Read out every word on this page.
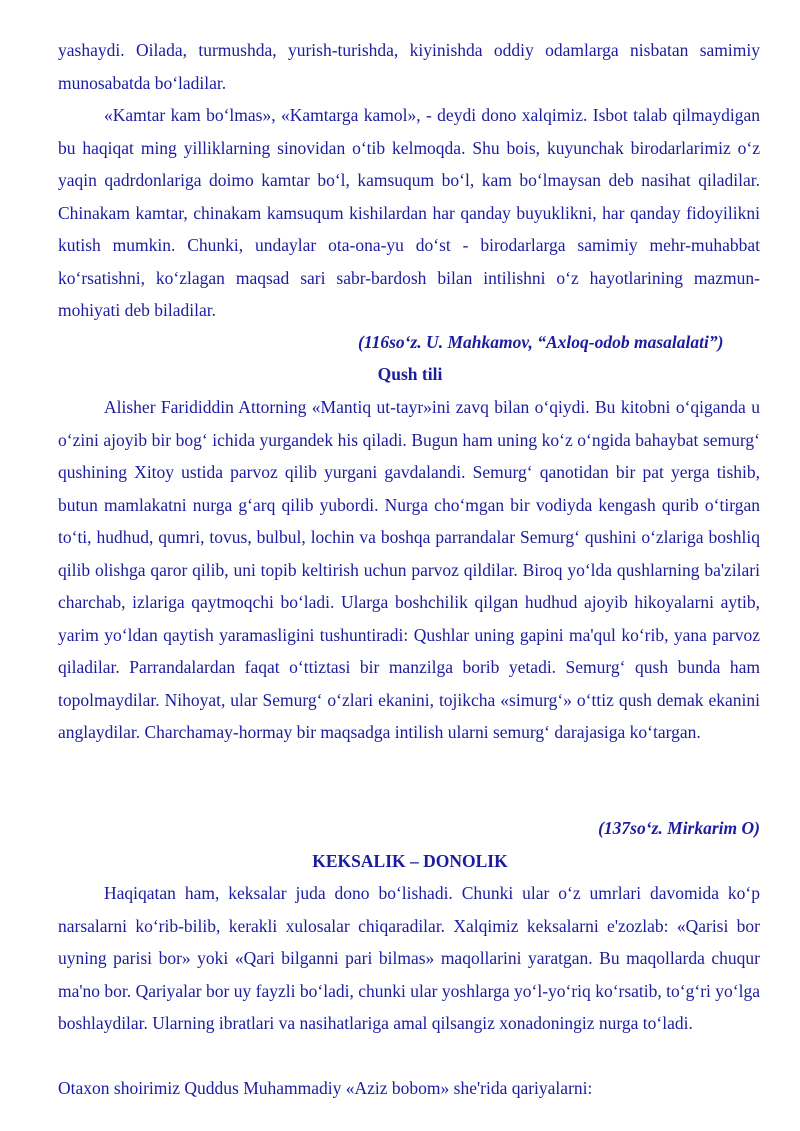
yashaydi. Oilada, turmushda, yurish-turishda, kiyinishda oddiy odamlarga nisbatan samimiy munosabatda bo‘ladilar.

«Kamtar kam bo‘lmas», «Kamtarga kamol», - deydi dono xalqimiz. Isbot talab qilmaydigan bu haqiqat ming yilliklarning sinovidan o‘tib kelmoqda. Shu bois, kuyunchak birodarlarimiz o‘z yaqin qadrdonlariga doimo kamtar bo‘l, kamsuqum bo‘l, kam bo‘lmaysan deb nasihat qiladilar. Chinakam kamtar, chinakam kamsuqum kishilardan har qanday buyuklikni, har qanday fidoyilikni kutish mumkin. Chunki, undaylar ota-ona-yu do‘st - birodarlarga samimiy mehr-muhabbat ko‘rsatishni, ko‘zlagan maqsad sari sabr-bardosh bilan intilishni o‘z hayotlarining mazmun-mohiyati deb biladilar.

(116so‘z. U. Mahkamov, “Axloq-odob masalalati”)

Qush tili

Alisher Farididdin Attorning «Mantiq ut-tayr»ini zavq bilan o‘qiydi. Bu kitobni o‘qiganda u o‘zini ajoyib bir bog‘ ichida yurgandek his qiladi. Bugun ham uning ko‘z o‘ngida bahaybat semurg‘ qushining Xitoy ustida parvoz qilib yurgani gavdalandi. Semurg‘ qanotidan bir pat yerga tishib, butun mamlakatni nurga g‘arq qilib yubordi. Nurga cho‘mgan bir vodiyda kengash qurib o‘tirgan to‘ti, hudhud, qumri, tovus, bulbul, lochin va boshqa parrandalar Semurg‘ qushini o‘zlariga boshliq qilib olishga qaror qilib, uni topib keltirish uchun parvoz qildilar. Biroq yo‘lda qushlarning ba'zilari charchab, izlariga qaytmoqchi bo‘ladi. Ularga boshchilik qilgan hudhud ajoyib hikoyalarni aytib, yarim yo‘ldan qaytish yaramasligini tushuntiradi: Qushlar uning gapini ma'qul ko‘rib, yana parvoz qiladilar. Parrandalardan faqat o‘ttiztasi bir manzilga borib yetadi. Semurg‘ qush bunda ham topolmaydilar. Nihoyat, ular Semurg‘ o‘zlari ekanini, tojikcha «simurg‘» o‘ttiz qush demak ekanini anglaydilar. Charchamay-hormay bir maqsadga intilish ularni semurg‘ darajasiga ko‘targan.

(137so‘z. Mirkarim O)

KEKSALIK – DONOLIK

Haqiqatan ham, keksalar juda dono bo‘lishadi. Chunki ular o‘z umrlari davomida ko‘p narsalarni ko‘rib-bilib, kerakli xulosalar chiqaradilar. Xalqimiz keksalarni e'zozlab: «Qarisi bor uyning parisi bor» yoki «Qari bilganni pari bilmas» maqollarini yaratgan. Bu maqollarda chuqur ma'no bor. Qariyalar bor uy fayzli bo‘ladi, chunki ular yoshlarga yo‘l-yo‘riq ko‘rsatib, to‘g‘ri yo‘lga boshlaydilar. Ularning ibratlari va nasihatlariga amal qilsangiz xonadoningiz nurga to‘ladi.

Otaxon shoirimiz Quddus Muhammadiy «Aziz bobom» she'rida qariyalarni:
